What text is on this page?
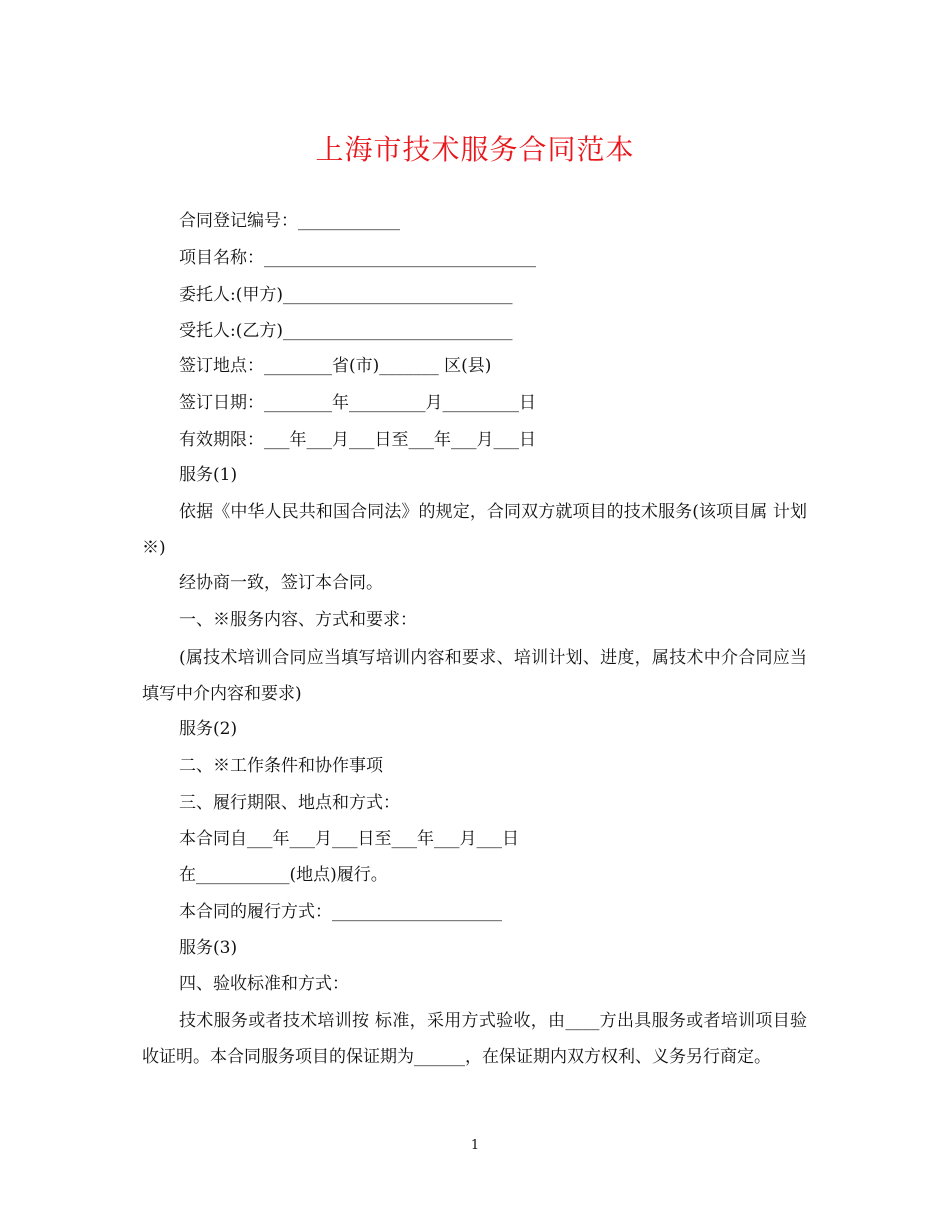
上海市技术服务合同范本
合同登记编号：____________
项目名称：________________________________
委托人:(甲方)___________________________
受托人:(乙方)___________________________
签订地点：________省(市)_______ 区(县)
签订日期：________年_________月_________日
有效期限：___年___月___日至___年___月___日
服务(1)
依据《中华人民共和国合同法》的规定，合同双方就项目的技术服务(该项目属 计划※)
经协商一致，签订本合同。
一、※服务内容、方式和要求：
(属技术培训合同应当填写培训内容和要求、培训计划、进度，属技术中介合同应当填写中介内容和要求)
服务(2)
二、※工作条件和协作事项
三、履行期限、地点和方式：
本合同自___年___月___日至___年___月___日
在___________(地点)履行。
本合同的履行方式：____________________
服务(3)
四、验收标准和方式：
技术服务或者技术培训按 标准，采用方式验收，由____方出具服务或者培训项目验收证明。本合同服务项目的保证期为______，在保证期内双方权利、义务另行商定。
1
